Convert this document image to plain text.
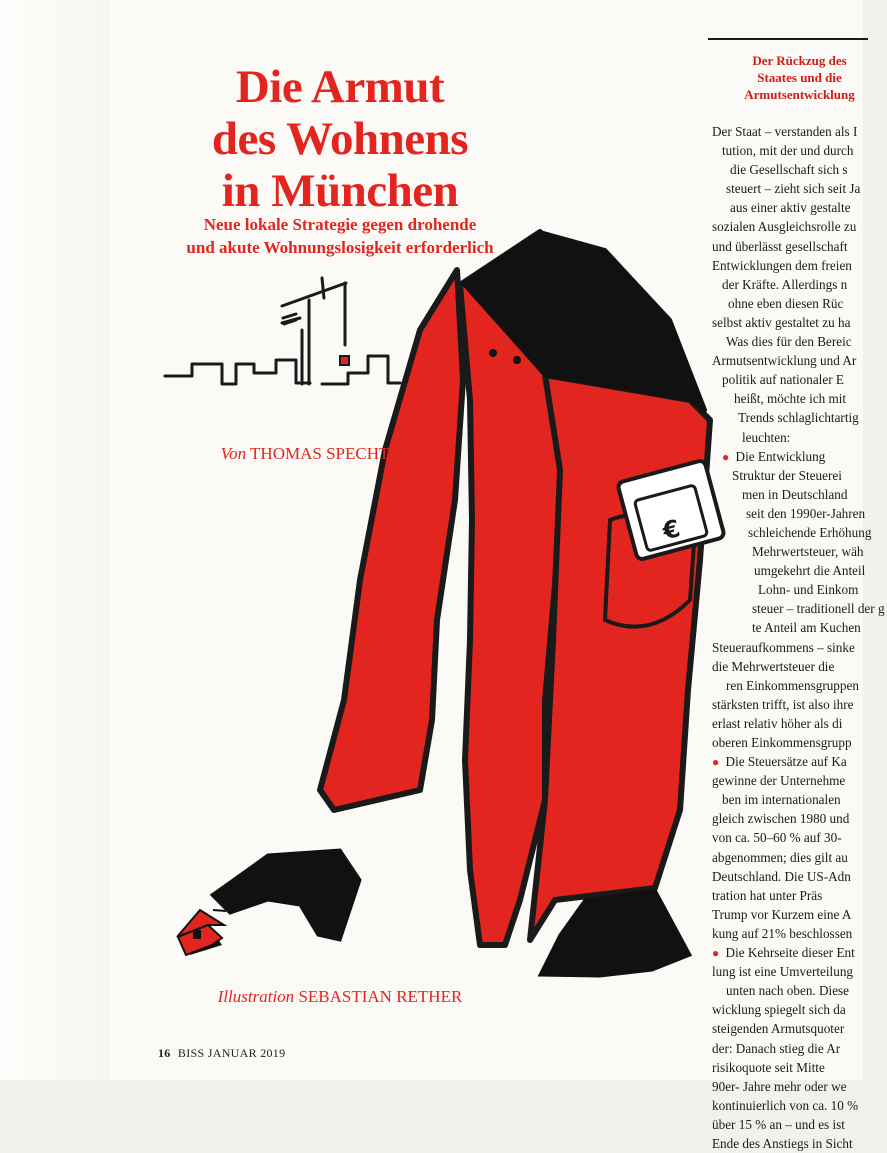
€

Die Armut
des Wohnens
in München
Neue lokale Strategie gegen drohende
und akute Wohnungslosigkeit erforderlich
Von THOMAS SPECHT
Illustration SEBASTIAN RETHER
16 BISS JANUAR 2019
Der Rückzug des
Staates und die
Armutsentwicklung
Der Staat – verstanden als I
tution, mit der und durch
die Gesellschaft sich s
steuert – zieht sich seit Ja
aus einer aktiv gestalte
sozialen Ausgleichsrolle zu
und überlässt gesellschaft
Entwicklungen dem freien
der Kräfte. Allerdings n
ohne eben diesen Rüc
selbst aktiv gestaltet zu ha
Was dies für den Bereic
Armutsentwicklung und Ar
politik auf nationaler E
heißt, möchte ich mit
Trends schlaglichtartig
leuchten:
● Die Entwicklung
Struktur der Steuerei
men in Deutschland
seit den 1990er-Jahren
schleichende Erhöhung
Mehrwertsteuer, wäh
umgekehrt die Anteil
Lohn- und Einkom
steuer – traditionell der g
te Anteil am Kuchen
Steueraufkommens – sinke
die Mehrwertsteuer die
ren Einkommensgruppen
stärksten trifft, ist also ihre
erlast relativ höher als di
oberen Einkommensgrupp
● Die Steuersätze auf Ka
gewinne der Unternehme
ben im internationalen
gleich zwischen 1980 und
von ca. 50–60 % auf 30-
abgenommen; dies gilt au
Deutschland. Die US-Adn
tration hat unter Präs
Trump vor Kurzem eine A
kung auf 21% beschlossen
● Die Kehrseite dieser Ent
lung ist eine Umverteilung
unten nach oben. Diese
wicklung spiegelt sich da
steigenden Armutsquoter
der: Danach stieg die Ar
risikoquote seit Mitte
90er- Jahre mehr oder we
kontinuierlich von ca. 10 %
über 15 % an – und es ist
Ende des Anstiegs in Sicht
